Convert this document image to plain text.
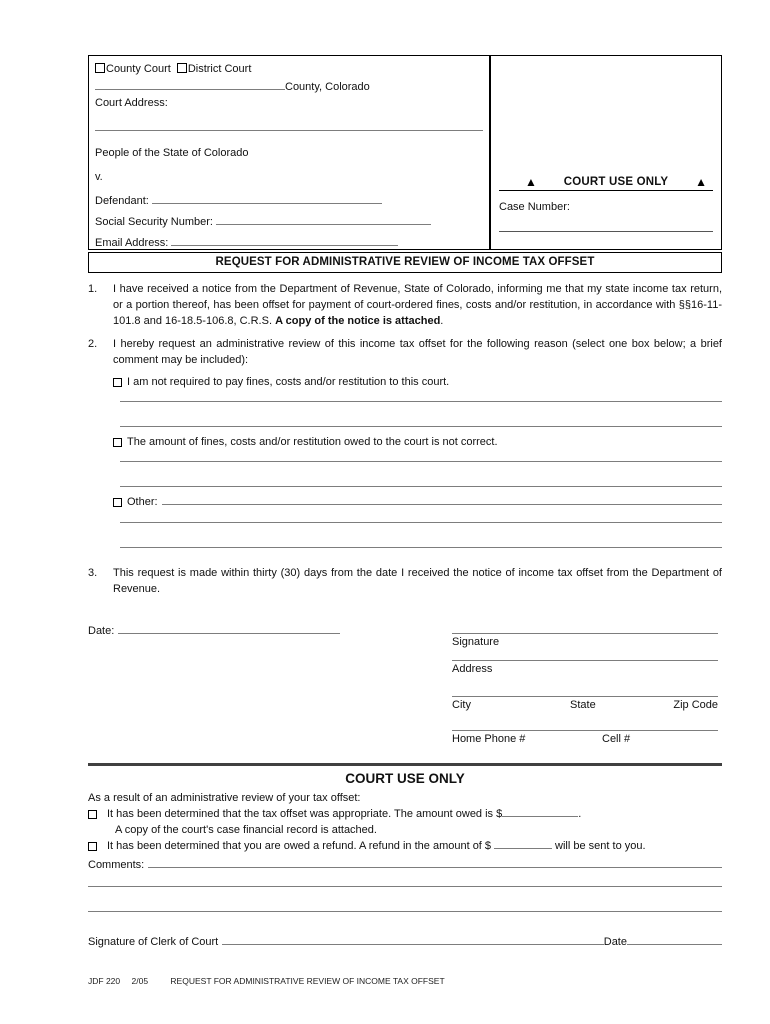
County Court District Court
County, Colorado
Court Address:
People of the State of Colorado
v.
Defendant:
Social Security Number:
Email Address:
▲ COURT USE ONLY ▲
Case Number:
REQUEST FOR ADMINISTRATIVE REVIEW OF INCOME TAX OFFSET
1.	I have received a notice from the Department of Revenue, State of Colorado, informing me that my state income tax return, or a portion thereof, has been offset for payment of court-ordered fines, costs and/or restitution, in accordance with §§16-11-101.8 and 16-18.5-106.8, C.R.S. A copy of the notice is attached.
2.	I hereby request an administrative review of this income tax offset for the following reason (select one box below; a brief comment may be included):
I am not required to pay fines, costs and/or restitution to this court.
The amount of fines, costs and/or restitution owed to the court is not correct.
Other:
3.	This request is made within thirty (30) days from the date I received the notice of income tax offset from the Department of Revenue.
Date:
Signature
Address
City	State	Zip Code
Home Phone #	Cell #
COURT USE ONLY
As a result of an administrative review of your tax offset:
It has been determined that the tax offset was appropriate. The amount owed is $	.
A copy of the court's case financial record is attached.
It has been determined that you are owed a refund. A refund in the amount of $	will be sent to you.
Comments:
Signature of Clerk of Court	Date
JDF 220 2/05	REQUEST FOR ADMINISTRATIVE REVIEW OF INCOME TAX OFFSET
